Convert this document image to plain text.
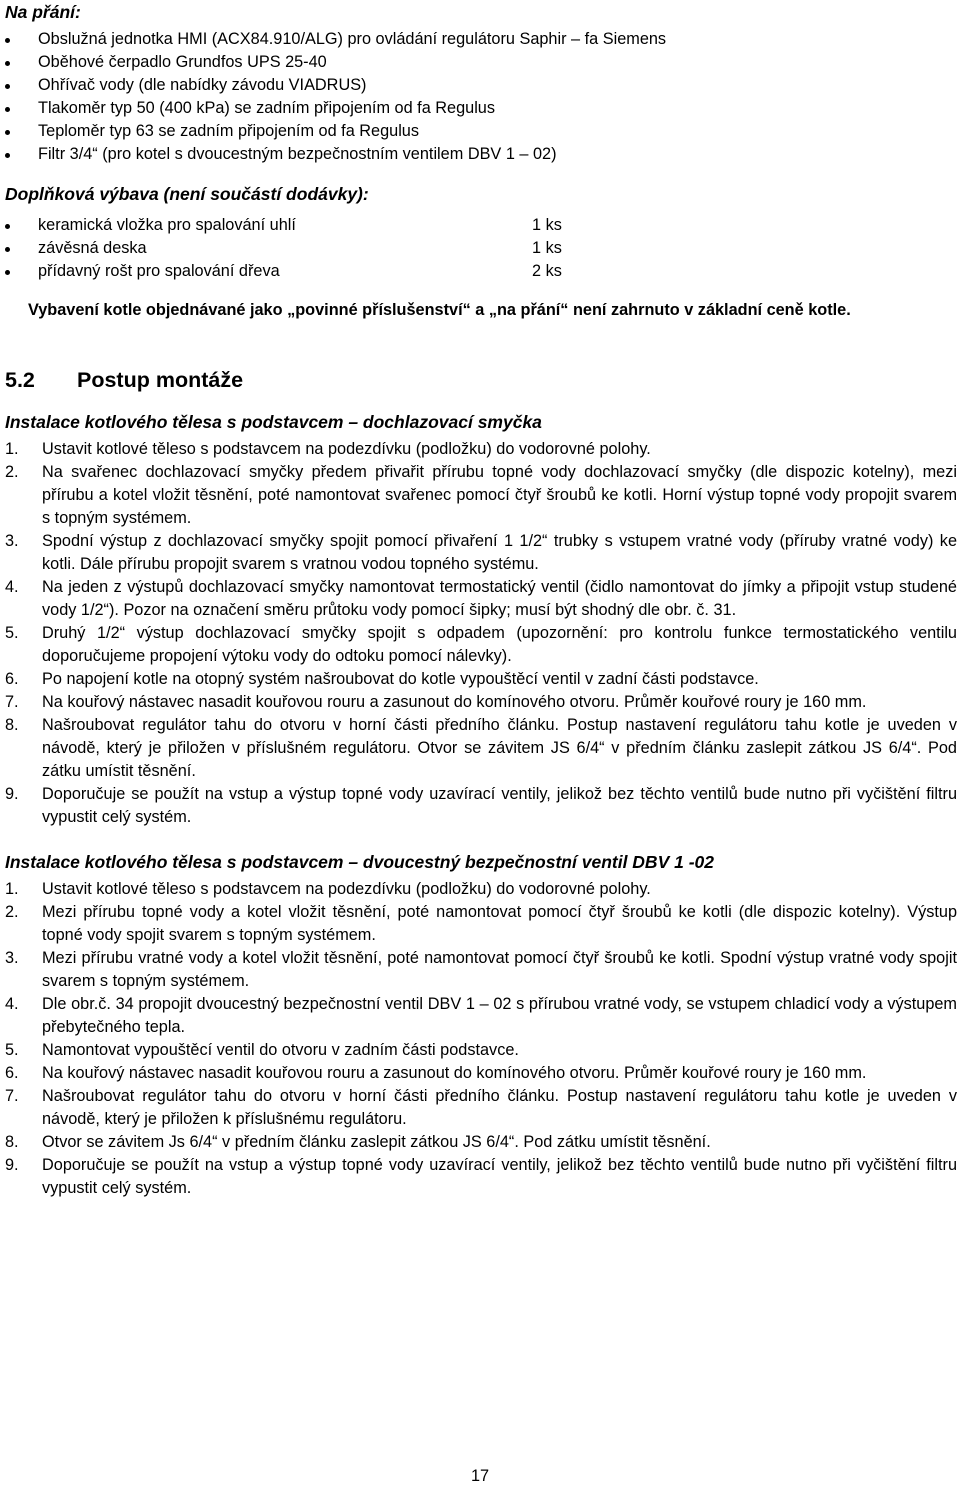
Na přání:

Obslužná jednotka HMI (ACX84.910/ALG) pro ovládání regulátoru Saphir – fa Siemens
Oběhové čerpadlo Grundfos UPS 25-40
Ohřívač vody (dle nabídky závodu VIADRUS)
Tlakoměr typ 50 (400 kPa) se zadním připojením od fa Regulus
Teploměr typ 63 se zadním připojením od fa Regulus
Filtr 3/4“ (pro kotel s dvoucestným bezpečnostním ventilem DBV 1 – 02)

Doplňková výbava (není součástí dodávky):

keramická vložka pro spalování uhlí	1 ks
závěsná deska	1 ks
přídavný rošt pro spalování dřeva	2 ks

Vybavení kotle objednávané jako „povinné příslušenství“ a „na přání“ není zahrnuto v základní ceně kotle.

5.2	Postup montáže

Instalace kotlového tělesa s podstavcem – dochlazovací smyčka

1. Ustavit kotlové těleso s podstavcem na podezdívku (podložku) do vodorovné polohy.
2. Na svařenec dochlazovací smyčky předem přivařit přírubu topné vody dochlazovací smyčky (dle dispozic kotelny), mezi přírubu a kotel vložit těsnění, poté namontovat svařenec pomocí čtyř šroubů ke kotli. Horní výstup topné vody propojit svarem s topným systémem.
3. Spodní výstup z dochlazovací smyčky spojit pomocí přivaření 1 1/2“ trubky s vstupem vratné vody (příruby vratné vody) ke kotli. Dále přírubu propojit svarem s vratnou vodou topného systému.
4. Na jeden z výstupů dochlazovací smyčky namontovat termostatický ventil (čidlo namontovat do jímky a připojit vstup studené vody 1/2“). Pozor na označení směru průtoku vody pomocí šipky; musí být shodný dle obr. č. 31.
5. Druhý 1/2“ výstup dochlazovací smyčky spojit s odpadem (upozornění: pro kontrolu funkce termostatického ventilu doporučujeme propojení výtoku vody do odtoku pomocí nálevky).
6. Po napojení kotle na otopný systém našroubovat do kotle vypouštěcí ventil v zadní části podstavce.
7. Na kouřový nástavec nasadit kouřovou rouru a zasunout do komínového otvoru. Průměr kouřové roury je 160 mm.
8. Našroubovat regulátor tahu do otvoru v horní části předního článku. Postup nastavení regulátoru tahu kotle je uveden v návodě, který je přiložen v příslušném regulátoru. Otvor se závitem JS 6/4“ v předním článku zaslepit zátkou JS 6/4“. Pod zátku umístit těsnění.
9. Doporučuje se použít na vstup a výstup topné vody uzavírací ventily, jelikož bez těchto ventilů bude nutno při vyčištění filtru vypustit celý systém.

Instalace kotlového tělesa s podstavcem – dvoucestný bezpečnostní ventil DBV 1 -02

1. Ustavit kotlové těleso s podstavcem na podezdívku (podložku) do vodorovné polohy.
2. Mezi přírubu topné vody a kotel vložit těsnění, poté namontovat pomocí čtyř šroubů ke kotli (dle dispozic kotelny). Výstup topné vody spojit svarem s topným systémem.
3. Mezi přírubu vratné vody a kotel vložit těsnění, poté namontovat pomocí čtyř šroubů ke kotli. Spodní výstup vratné vody spojit svarem s topným systémem.
4. Dle obr.č. 34 propojit dvoucestný bezpečnostní ventil DBV 1 – 02 s přírubou vratné vody, se vstupem chladicí vody a výstupem přebytečného tepla.
5. Namontovat vypouštěcí ventil do otvoru v zadním části podstavce.
6. Na kouřový nástavec nasadit kouřovou rouru a zasunout do komínového otvoru. Průměr kouřové roury je 160 mm.
7. Našroubovat regulátor tahu do otvoru v horní části předního článku. Postup nastavení regulátoru tahu kotle je uveden v návodě, který je přiložen k příslušnému regulátoru.
8. Otvor se závitem Js 6/4“ v předním článku zaslepit zátkou JS 6/4“. Pod zátku umístit těsnění.
9. Doporučuje se použít na vstup a výstup topné vody uzavírací ventily, jelikož bez těchto ventilů bude nutno při vyčištění filtru vypustit celý systém.
17
